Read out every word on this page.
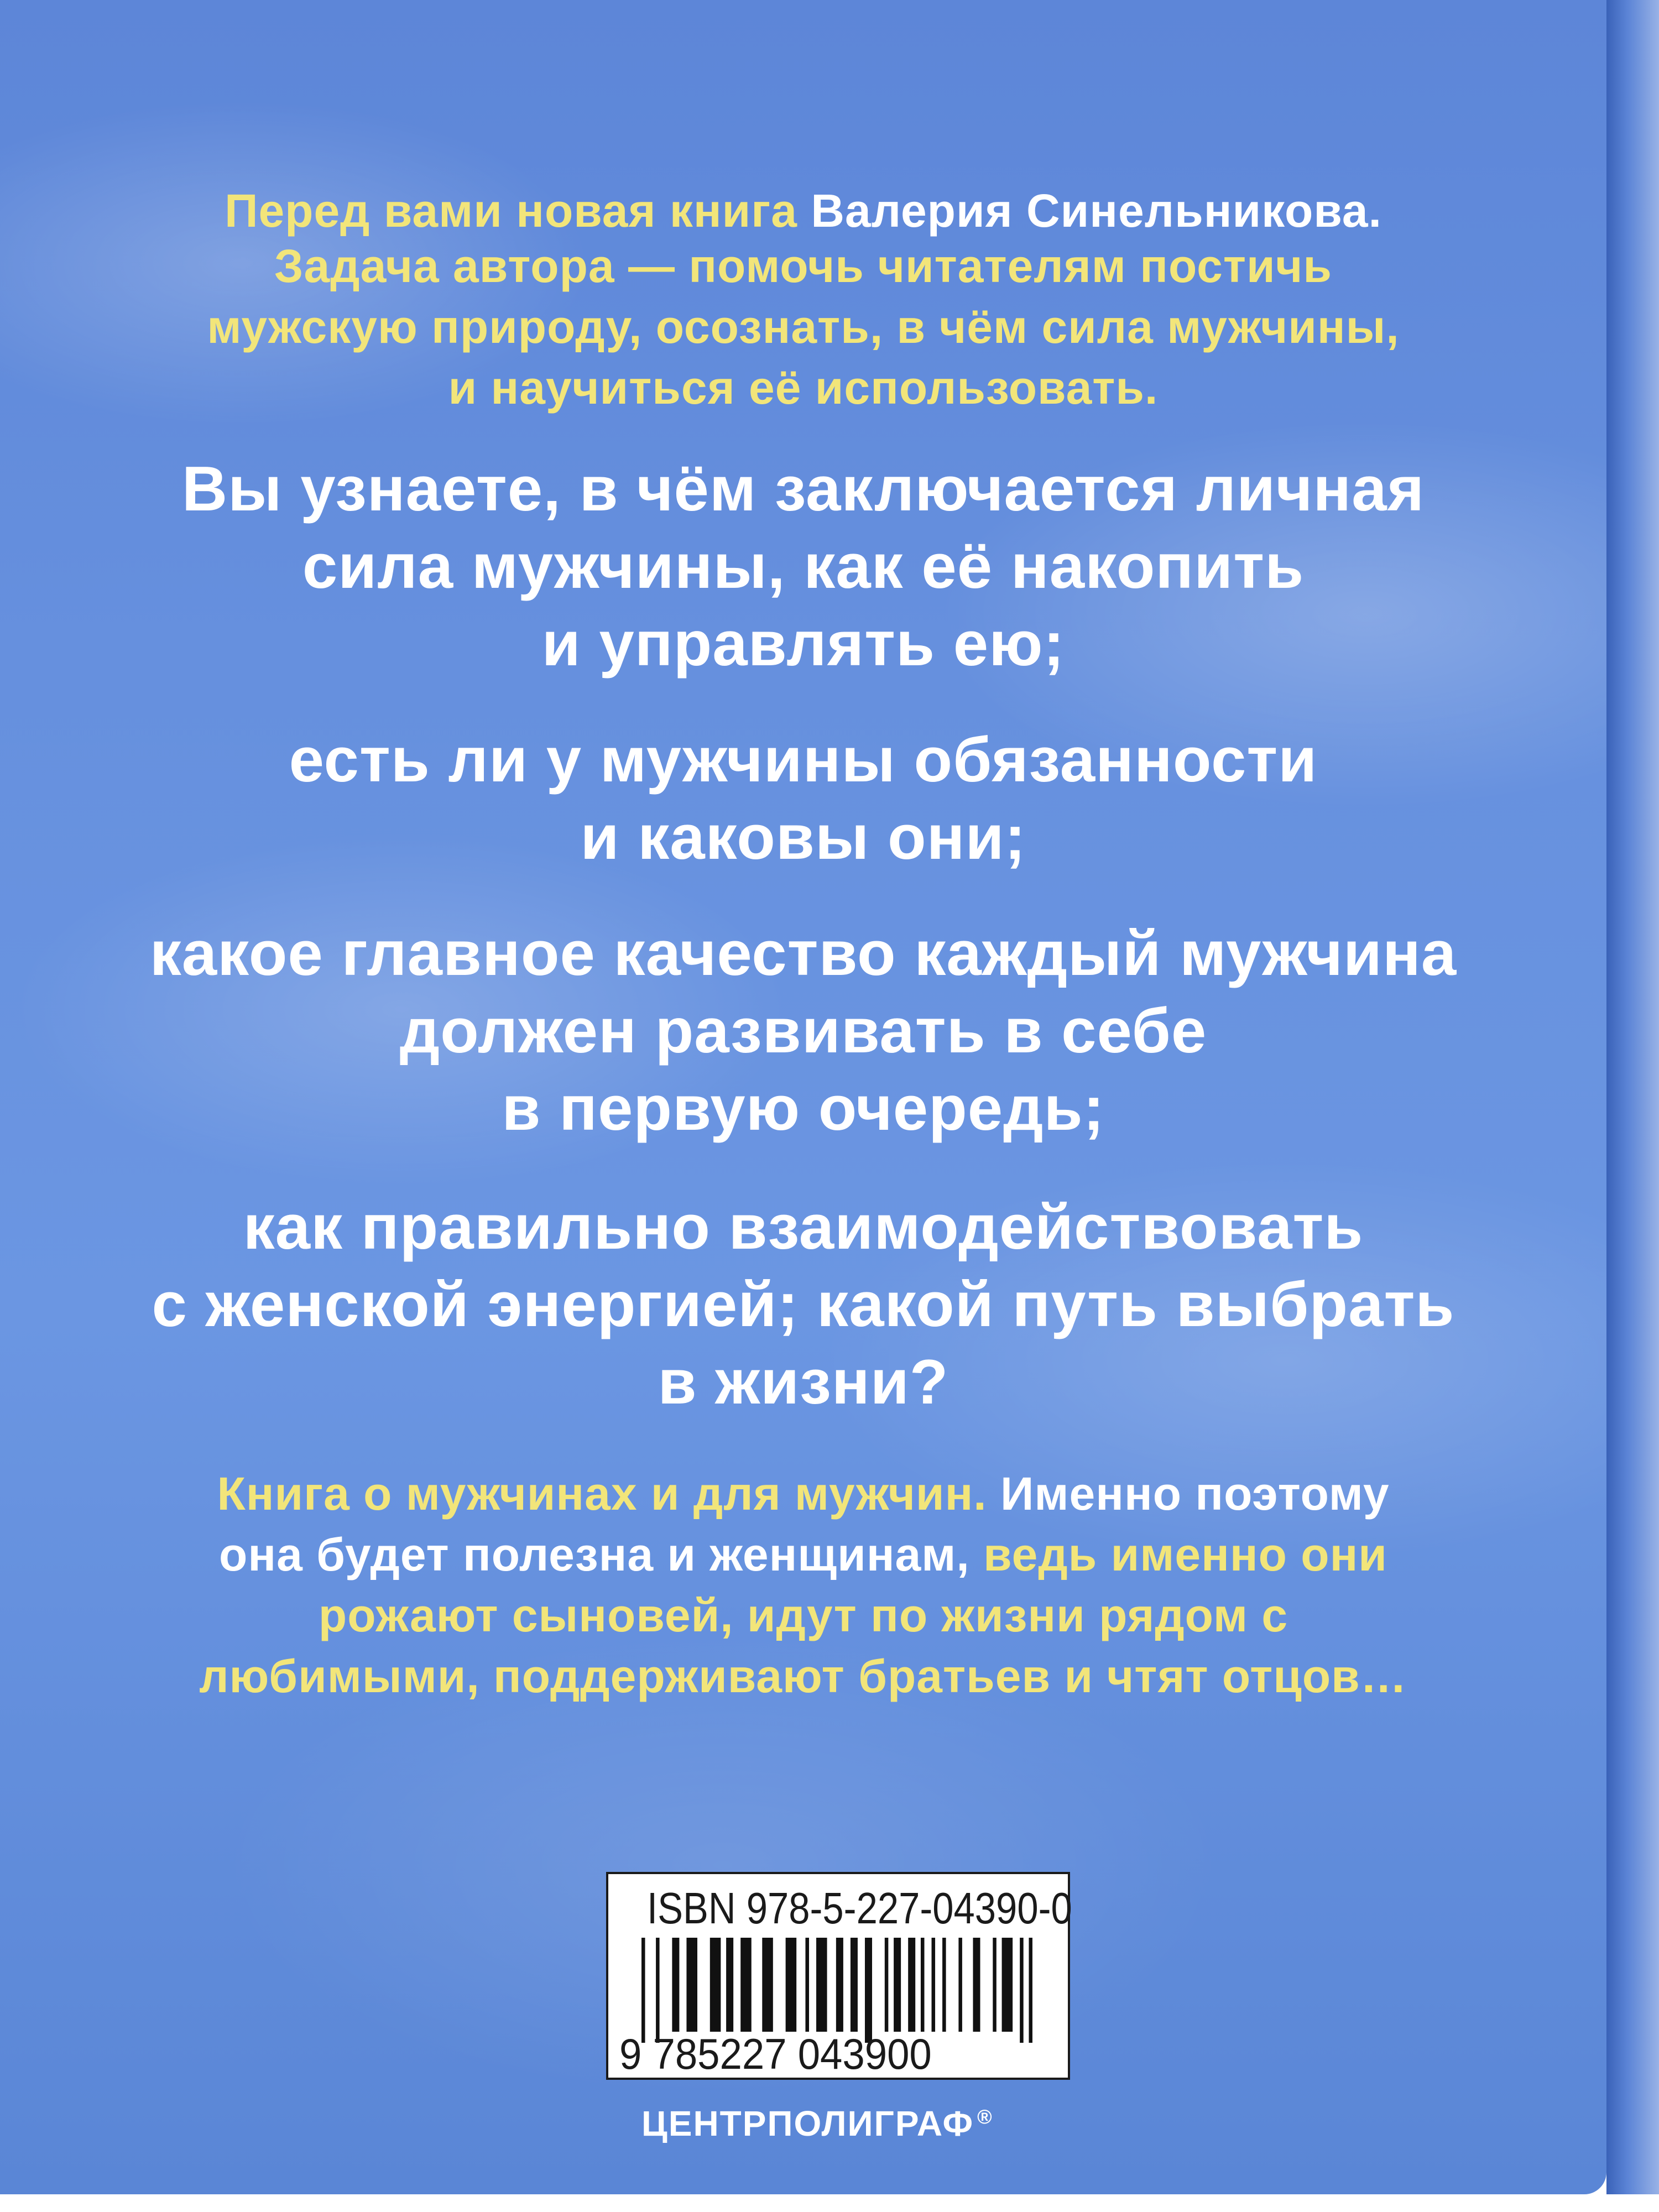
Перед вами новая книга Валерия Синельникова.

Задача автора — помочь читателям постичь

мужскую природу, осознать, в чём сила мужчины,

и научиться её использовать.

Вы узнаете, в чём заключается личная

сила мужчины, как её накопить

и управлять ею;

есть ли у мужчины обязанности

и каковы они;

какое главное качество каждый мужчина

должен развивать в себе

в первую очередь;

как правильно взаимодействовать

с женской энергией; какой путь выбрать

в жизни?

Книга о мужчинах и для мужчин. Именно поэтому

она будет полезна и женщинам, ведь именно они

рожают сыновей, идут по жизни рядом с

любимыми, поддерживают братьев и чтят отцов…

ISBN 978-5-227-04390-0
9 785227 043900
ЦЕНТРПОЛИГРАФ ®
